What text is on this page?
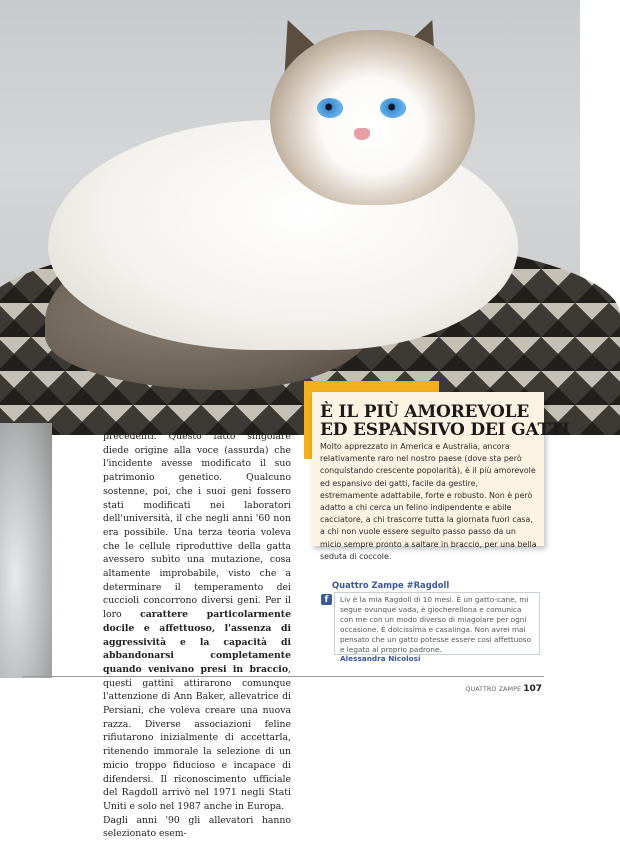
precedenti. Questo fatto singolare diede origine alla voce (assurda) che l'incidente avesse modificato il suo patrimonio genetico. Qualcuno sostenne, poi, che i suoi geni fossero stati modificati nei laboratori dell'università, il che negli anni '60 non era possibile. Una terza teoria voleva che le cellule riproduttive della gatta avessero subìto una mutazione, cosa altamente improbabile, visto che a determinare il temperamento dei cuccioli concorrono diversi geni. Per il loro carattere particolarmente docile e affettuoso, l'assenza di aggressività e la capacità di abbandonarsi completamente quando venivano presi in braccio, questi gattini attirarono comunque l'attenzione di Ann Baker, allevatrice di Persiani, che voleva creare una nuova razza. Diverse associazioni feline rifiutarono inizialmente di accettarla, ritenendo immorale la selezione di un micio troppo fiducioso e incapace di difendersi. Il riconoscimento ufficiale del Ragdoll arrivò nel 1971 negli Stati Uniti e solo nel 1987 anche in Europa.

Dagli anni '90 gli allevatori hanno selezionato esem-

È IL PIÙ AMOREVOLE
ED ESPANSIVO DEI GATTI
Molto apprezzato in America e Australia, ancora relativamente raro nel nostro paese (dove sta però conquistando crescente popolarità), è il più amorevole ed espansivo dei gatti, facile da gestire, estremamente adattabile, forte e robusto. Non è però adatto a chi cerca un felino indipendente e abile cacciatore, a chi trascorre tutta la giornata fuori casa, a chi non vuole essere seguito passo passo da un micio sempre pronto a saltare in braccio, per una bella seduta di coccole.
Quattro Zampe #Ragdoll
f	Liv è la mia Ragdoll di 10 mesi. È un gatto-cane, mi segue ovunque vada, è giocherellona e comunica con me con un modo diverso di miagolare per ogni occasione. È dolcissima e casalinga. Non avrei mai pensato che un gatto potesse essere così affettuoso e legato al proprio padrone.
Alessandra Nicolosi
QUATTRO ZAMPE 107
